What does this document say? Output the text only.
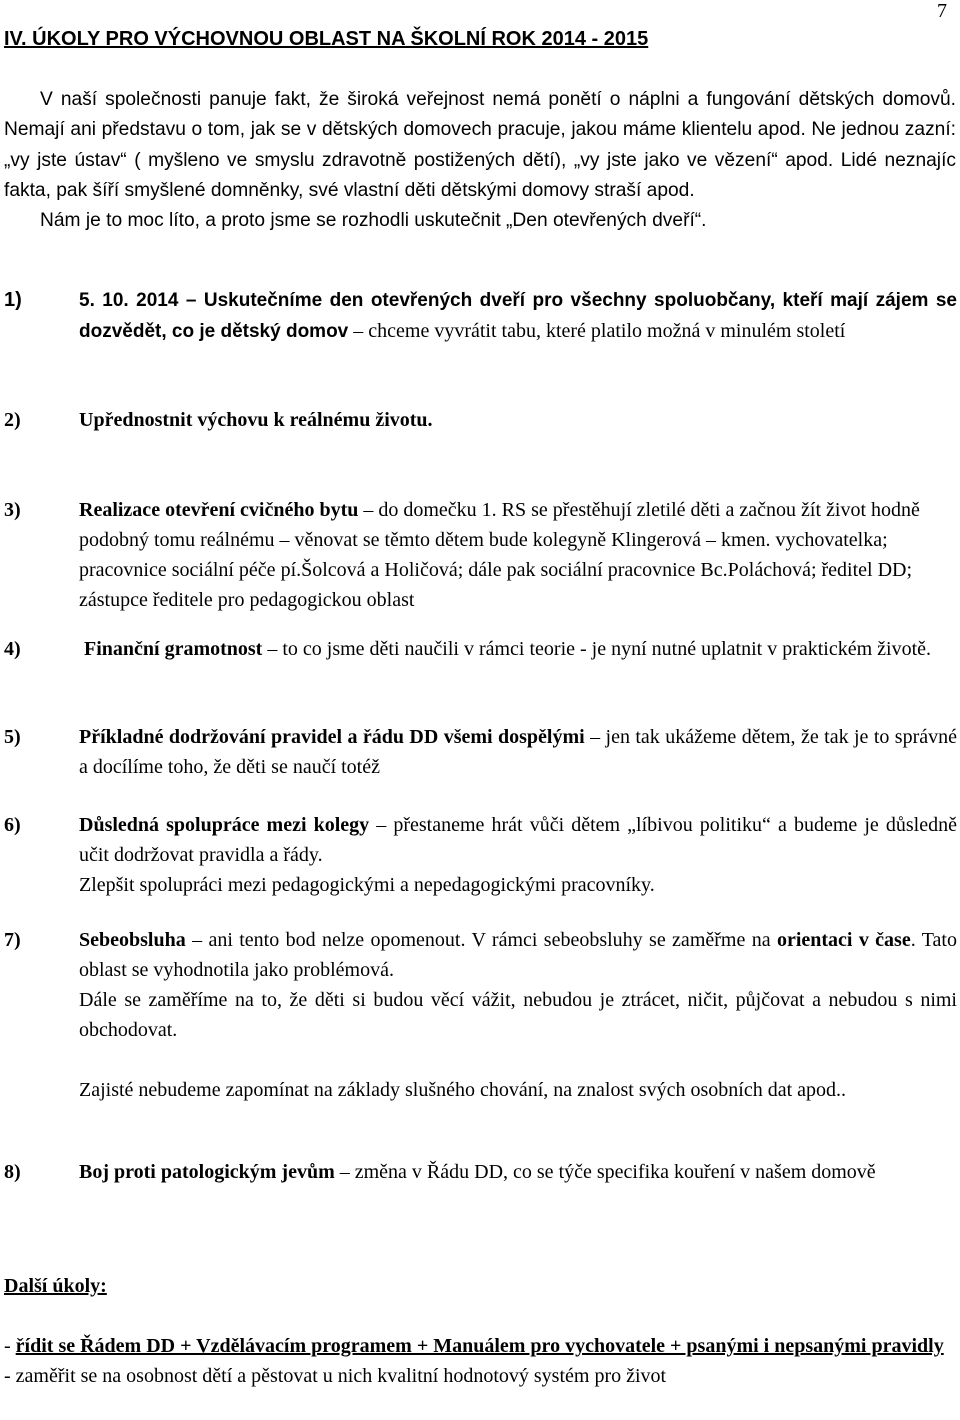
7
IV. ÚKOLY PRO VÝCHOVNOU OBLAST NA ŠKOLNÍ ROK 2014 - 2015

V naší společnosti panuje fakt, že široká veřejnost nemá ponětí o náplni a fungování dětských domovů. Nemají ani představu o tom, jak se v dětských domovech pracuje, jakou máme klientelu apod. Ne jednou zazní: „vy jste ústav“ ( myšleno ve smyslu zdravotně postižených dětí), „vy jste jako ve vězení“ apod. Lidé neznajíc fakta, pak šíří smyšlené domněnky, své vlastní děti dětskými domovy straší apod.

Nám je to moc líto, a proto jsme se rozhodli uskutečnit „Den otevřených dveří“.

1)	5. 10. 2014 – Uskutečníme den otevřených dveří pro všechny spoluobčany, kteří mají zájem se dozvědět, co je dětský domov – chceme vyvrátit tabu, které platilo možná v minulém století
2)	Upřednostnit výchovu k reálnému životu.
3)	Realizace otevření cvičného bytu – do domečku 1. RS se přestěhují zletilé děti a začnou žít život hodně podobný tomu reálnému – věnovat se těmto dětem bude kolegyně Klingerová – kmen. vychovatelka; pracovnice sociální péče pí.Šolcová a Holičová; dále pak sociální pracovnice Bc.Poláchová; ředitel DD; zástupce ředitele pro pedagogickou oblast
4)	Finanční gramotnost – to co jsme děti naučili v rámci teorie - je nyní nutné uplatnit v praktickém životě.
5)	Příkladné dodržování pravidel a řádu DD všemi dospělými – jen tak ukážeme dětem, že tak je to správné a docílíme toho, že děti se naučí totéž
6)	Důsledná spolupráce mezi kolegy – přestaneme hrát vůči dětem „líbivou politiku“ a budeme je důsledně učit dodržovat pravidla a řády.

Zlepšit spolupráci mezi pedagogickými a nepedagogickými pracovníky.

7)	Sebeobsluha – ani tento bod nelze opomenout. V rámci sebeobsluhy se zaměřme na orientaci v čase. Tato oblast se vyhodnotila jako problémová.

Dále se zaměříme na to, že děti si budou věcí vážit, nebudou je ztrácet, ničit, půjčovat a nebudou s nimi obchodovat.

Zajisté nebudeme zapomínat na základy slušného chování, na znalost svých osobních dat apod..

8)	Boj proti patologickým jevům – změna v Řádu DD, co se týče specifika kouření v našem domově
Další úkoly:

- řídit se Řádem DD + Vzdělávacím programem + Manuálem pro vychovatele + psanými i nepsanými pravidly

- zaměřit se na osobnost dětí a pěstovat u nich kvalitní hodnotový systém pro život
